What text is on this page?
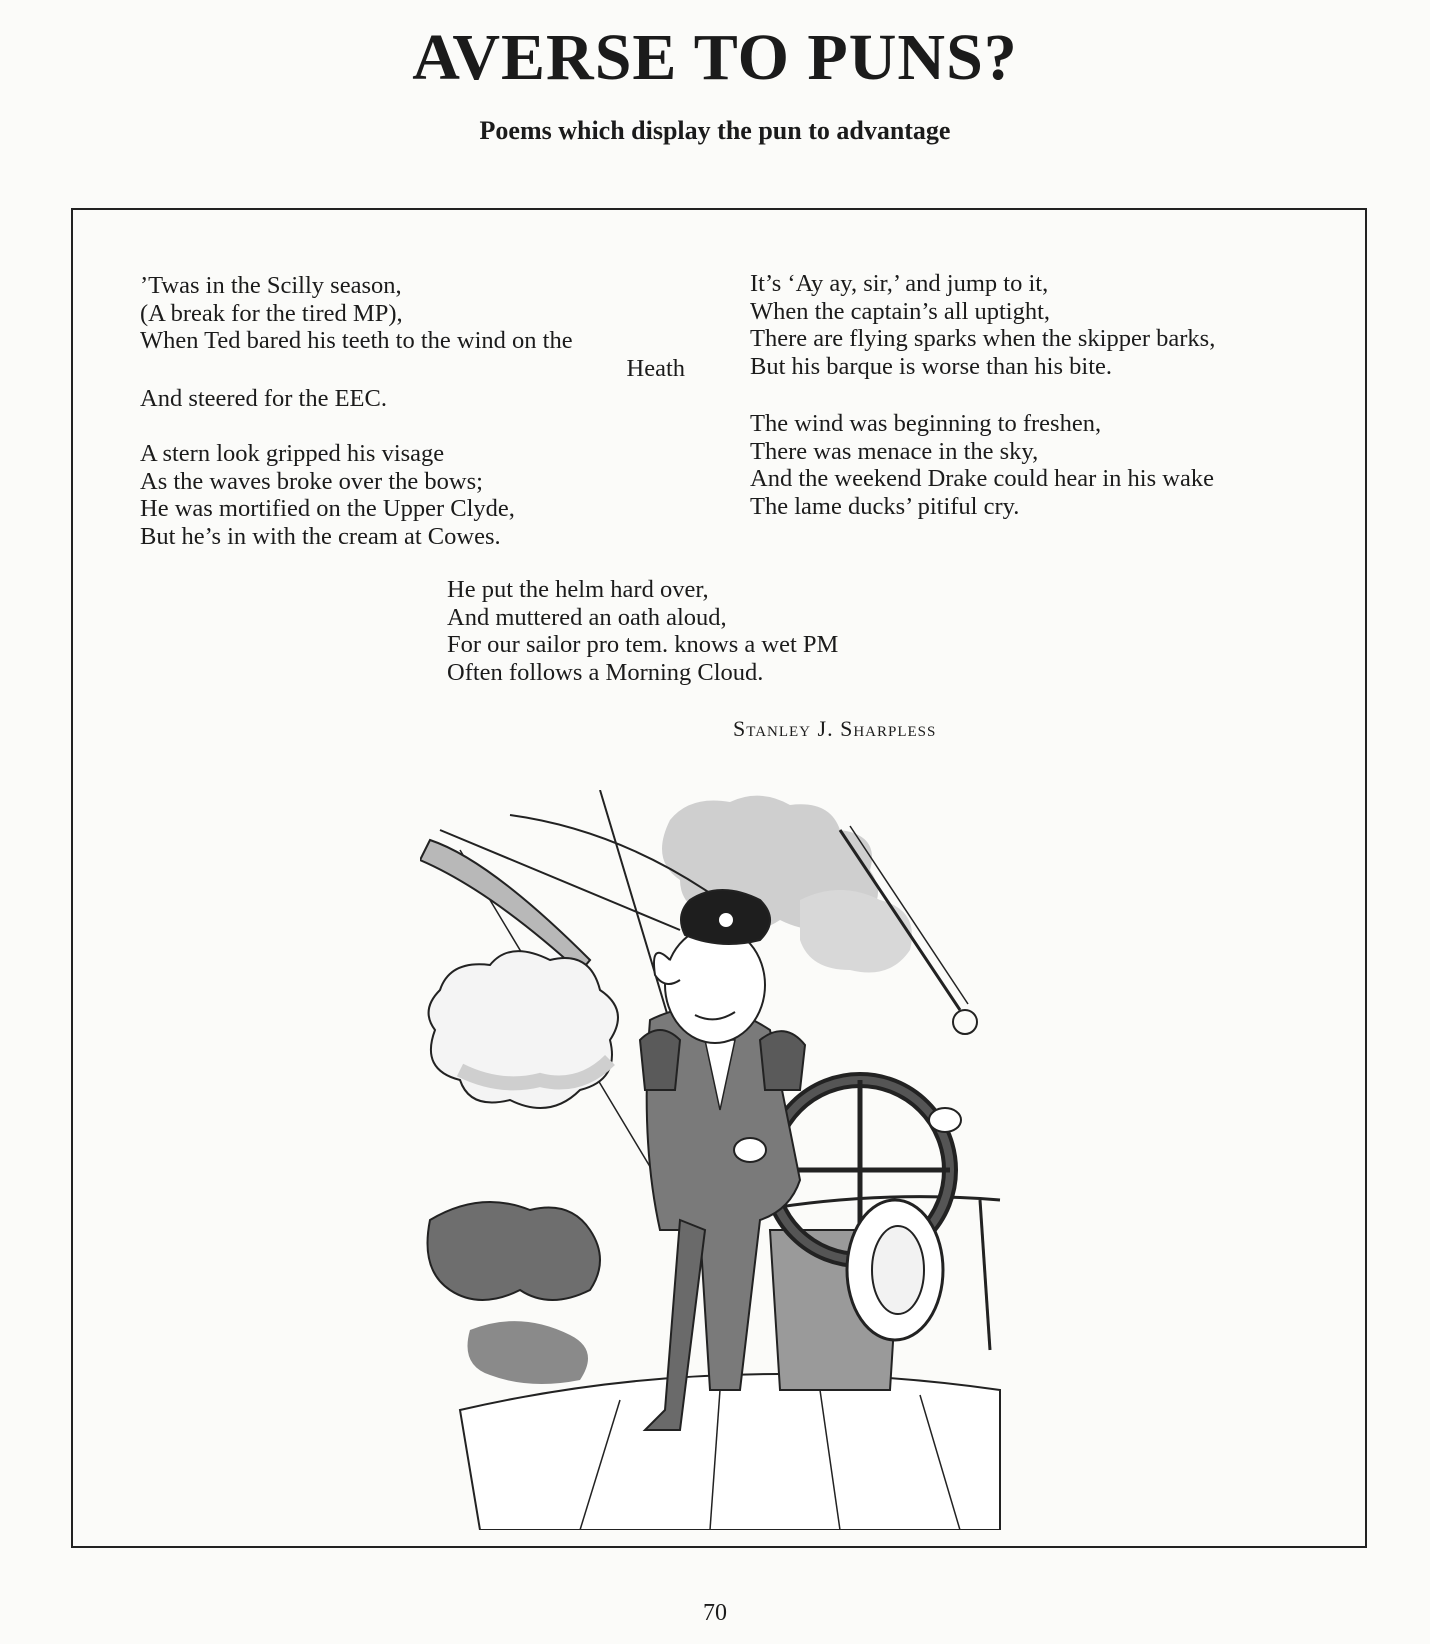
AVERSE TO PUNS?
Poems which display the pun to advantage
’Twas in the Scilly season,
(A break for the tired MP),
When Ted bared his teeth to the wind on the
Heath
And steered for the EEC.
A stern look gripped his visage
As the waves broke over the bows;
He was mortified on the Upper Clyde,
But he’s in with the cream at Cowes.
It’s ‘Ay ay, sir,’ and jump to it,
When the captain’s all uptight,
There are flying sparks when the skipper barks,
But his barque is worse than his bite.
The wind was beginning to freshen,
There was menace in the sky,
And the weekend Drake could hear in his wake
The lame ducks’ pitiful cry.
He put the helm hard over,
And muttered an oath aloud,
For our sailor pro tem. knows a wet PM
Often follows a Morning Cloud.

Stanley J. Sharpless

70
